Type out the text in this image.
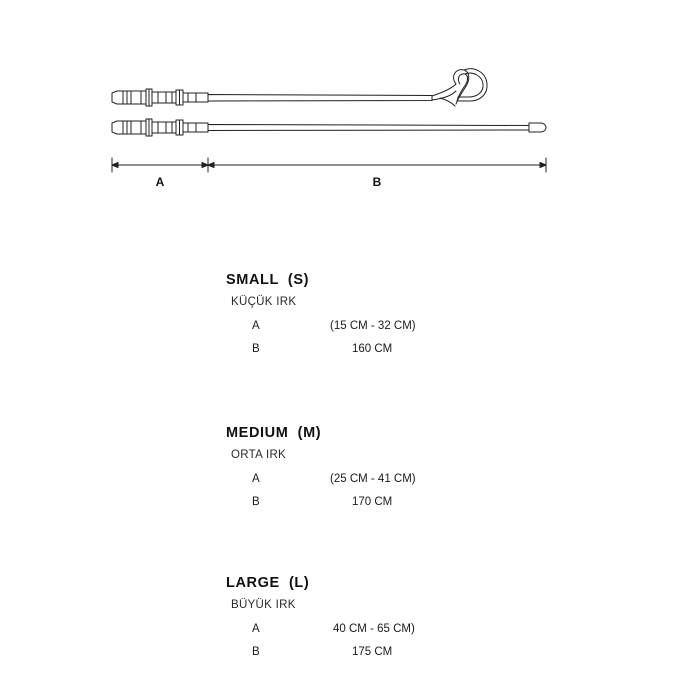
A	B
SMALL  (S)
KÜÇÜK IRK
A	(15 CM - 32 CM)
B	160 CM
MEDIUM  (M)
ORTA IRK
A	(25 CM - 41 CM)
B	170 CM
LARGE  (L)
BÜYÜK IRK
A	40 CM - 65 CM)
B	175 CM
